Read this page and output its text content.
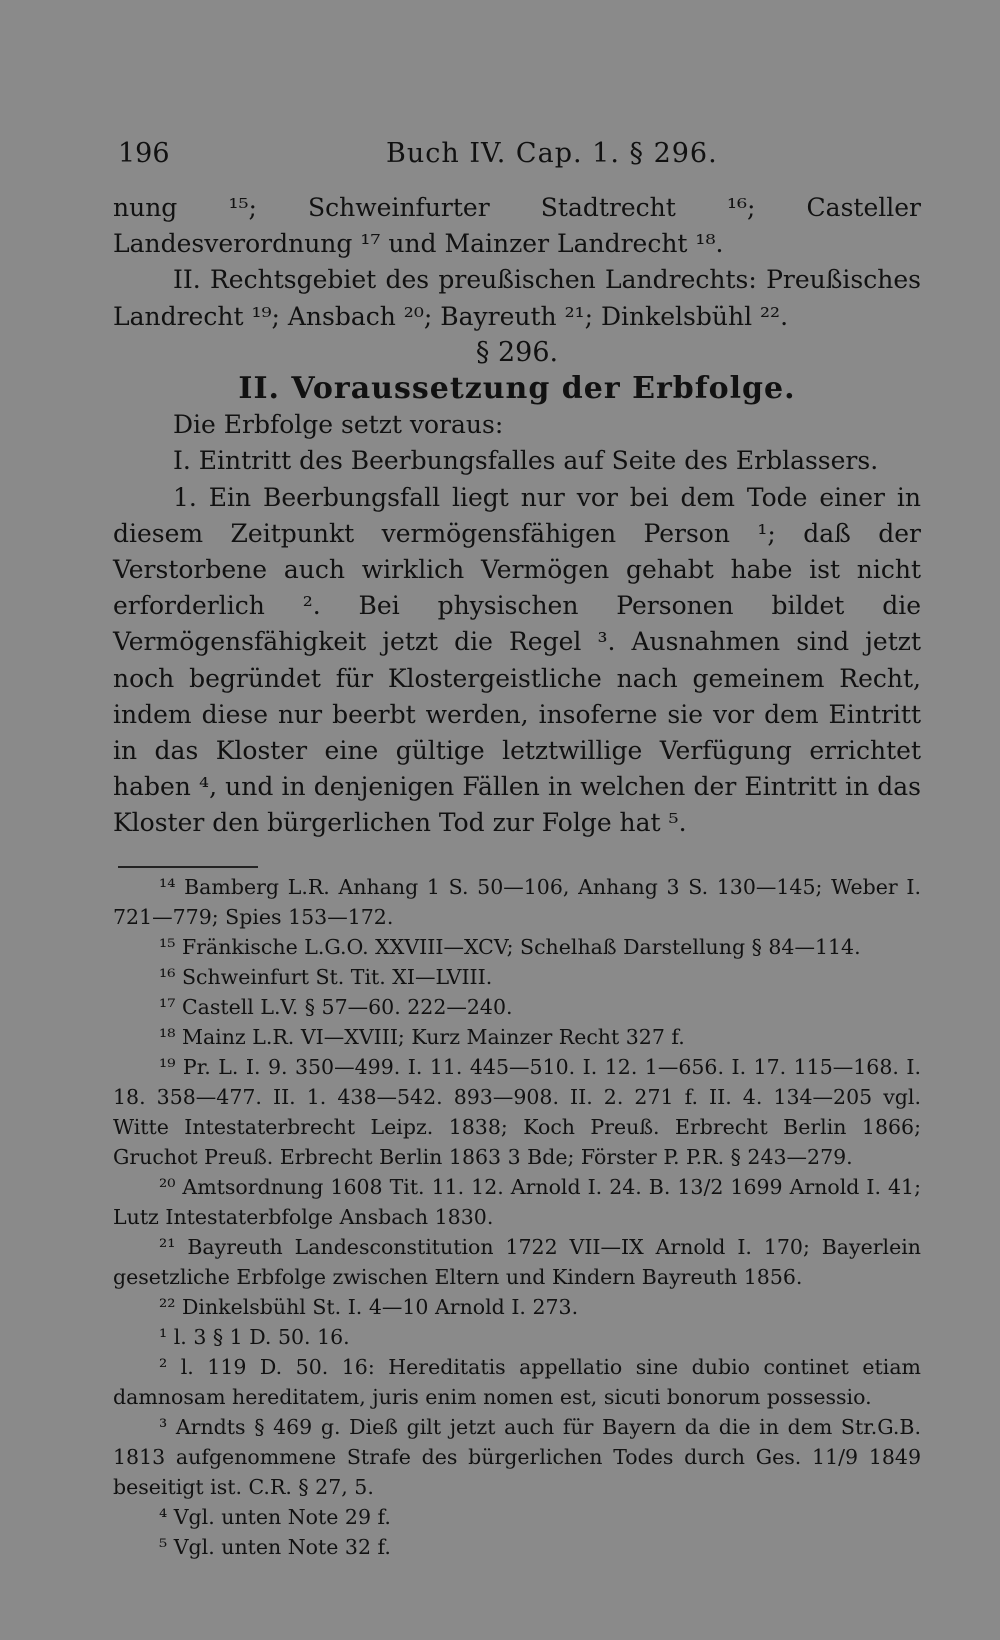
196	Buch IV. Cap. 1. § 296.

nung ¹⁵; Schweinfurter Stadtrecht ¹⁶; Casteller Landesverordnung ¹⁷ und Mainzer Landrecht ¹⁸.

II. Rechtsgebiet des preußischen Landrechts: Preußisches Landrecht ¹⁹; Ansbach ²⁰; Bayreuth ²¹; Dinkelsbühl ²².

§ 296.

II. Voraussetzung der Erbfolge.

Die Erbfolge setzt voraus:

I. Eintritt des Beerbungsfalles auf Seite des Erblassers.

1. Ein Beerbungsfall liegt nur vor bei dem Tode einer in diesem Zeitpunkt vermögensfähigen Person ¹; daß der Verstorbene auch wirklich Vermögen gehabt habe ist nicht erforderlich ². Bei physischen Personen bildet die Vermögensfähigkeit jetzt die Regel ³. Ausnahmen sind jetzt noch begründet für Klostergeistliche nach gemeinem Recht, indem diese nur beerbt werden, insoferne sie vor dem Eintritt in das Kloster eine gültige letztwillige Verfügung errichtet haben ⁴, und in denjenigen Fällen in welchen der Eintritt in das Kloster den bürgerlichen Tod zur Folge hat ⁵.

¹⁴ Bamberg L.R. Anhang 1 S. 50—106, Anhang 3 S. 130—145; Weber I. 721—779; Spies 153—172.

¹⁵ Fränkische L.G.O. XXVIII—XCV; Schelhaß Darstellung § 84—114.

¹⁶ Schweinfurt St. Tit. XI—LVIII.

¹⁷ Castell L.V. § 57—60. 222—240.

¹⁸ Mainz L.R. VI—XVIII; Kurz Mainzer Recht 327 f.

¹⁹ Pr. L. I. 9. 350—499. I. 11. 445—510. I. 12. 1—656. I. 17. 115—168. I. 18. 358—477. II. 1. 438—542. 893—908. II. 2. 271 f. II. 4. 134—205 vgl. Witte Intestaterbrecht Leipz. 1838; Koch Preuß. Erbrecht Berlin 1866; Gruchot Preuß. Erbrecht Berlin 1863 3 Bde; Förster P. P.R. § 243—279.

²⁰ Amtsordnung 1608 Tit. 11. 12. Arnold I. 24. B. 13/2 1699 Arnold I. 41; Lutz Intestaterbfolge Ansbach 1830.

²¹ Bayreuth Landesconstitution 1722 VII—IX Arnold I. 170; Bayerlein gesetzliche Erbfolge zwischen Eltern und Kindern Bayreuth 1856.

²² Dinkelsbühl St. I. 4—10 Arnold I. 273.

¹ l. 3 § 1 D. 50. 16.

² l. 119 D. 50. 16: Hereditatis appellatio sine dubio continet etiam damnosam hereditatem, juris enim nomen est, sicuti bonorum possessio.

³ Arndts § 469 g. Dieß gilt jetzt auch für Bayern da die in dem Str.G.B. 1813 aufgenommene Strafe des bürgerlichen Todes durch Ges. 11/9 1849 beseitigt ist. C.R. § 27, 5.

⁴ Vgl. unten Note 29 f.

⁵ Vgl. unten Note 32 f.
